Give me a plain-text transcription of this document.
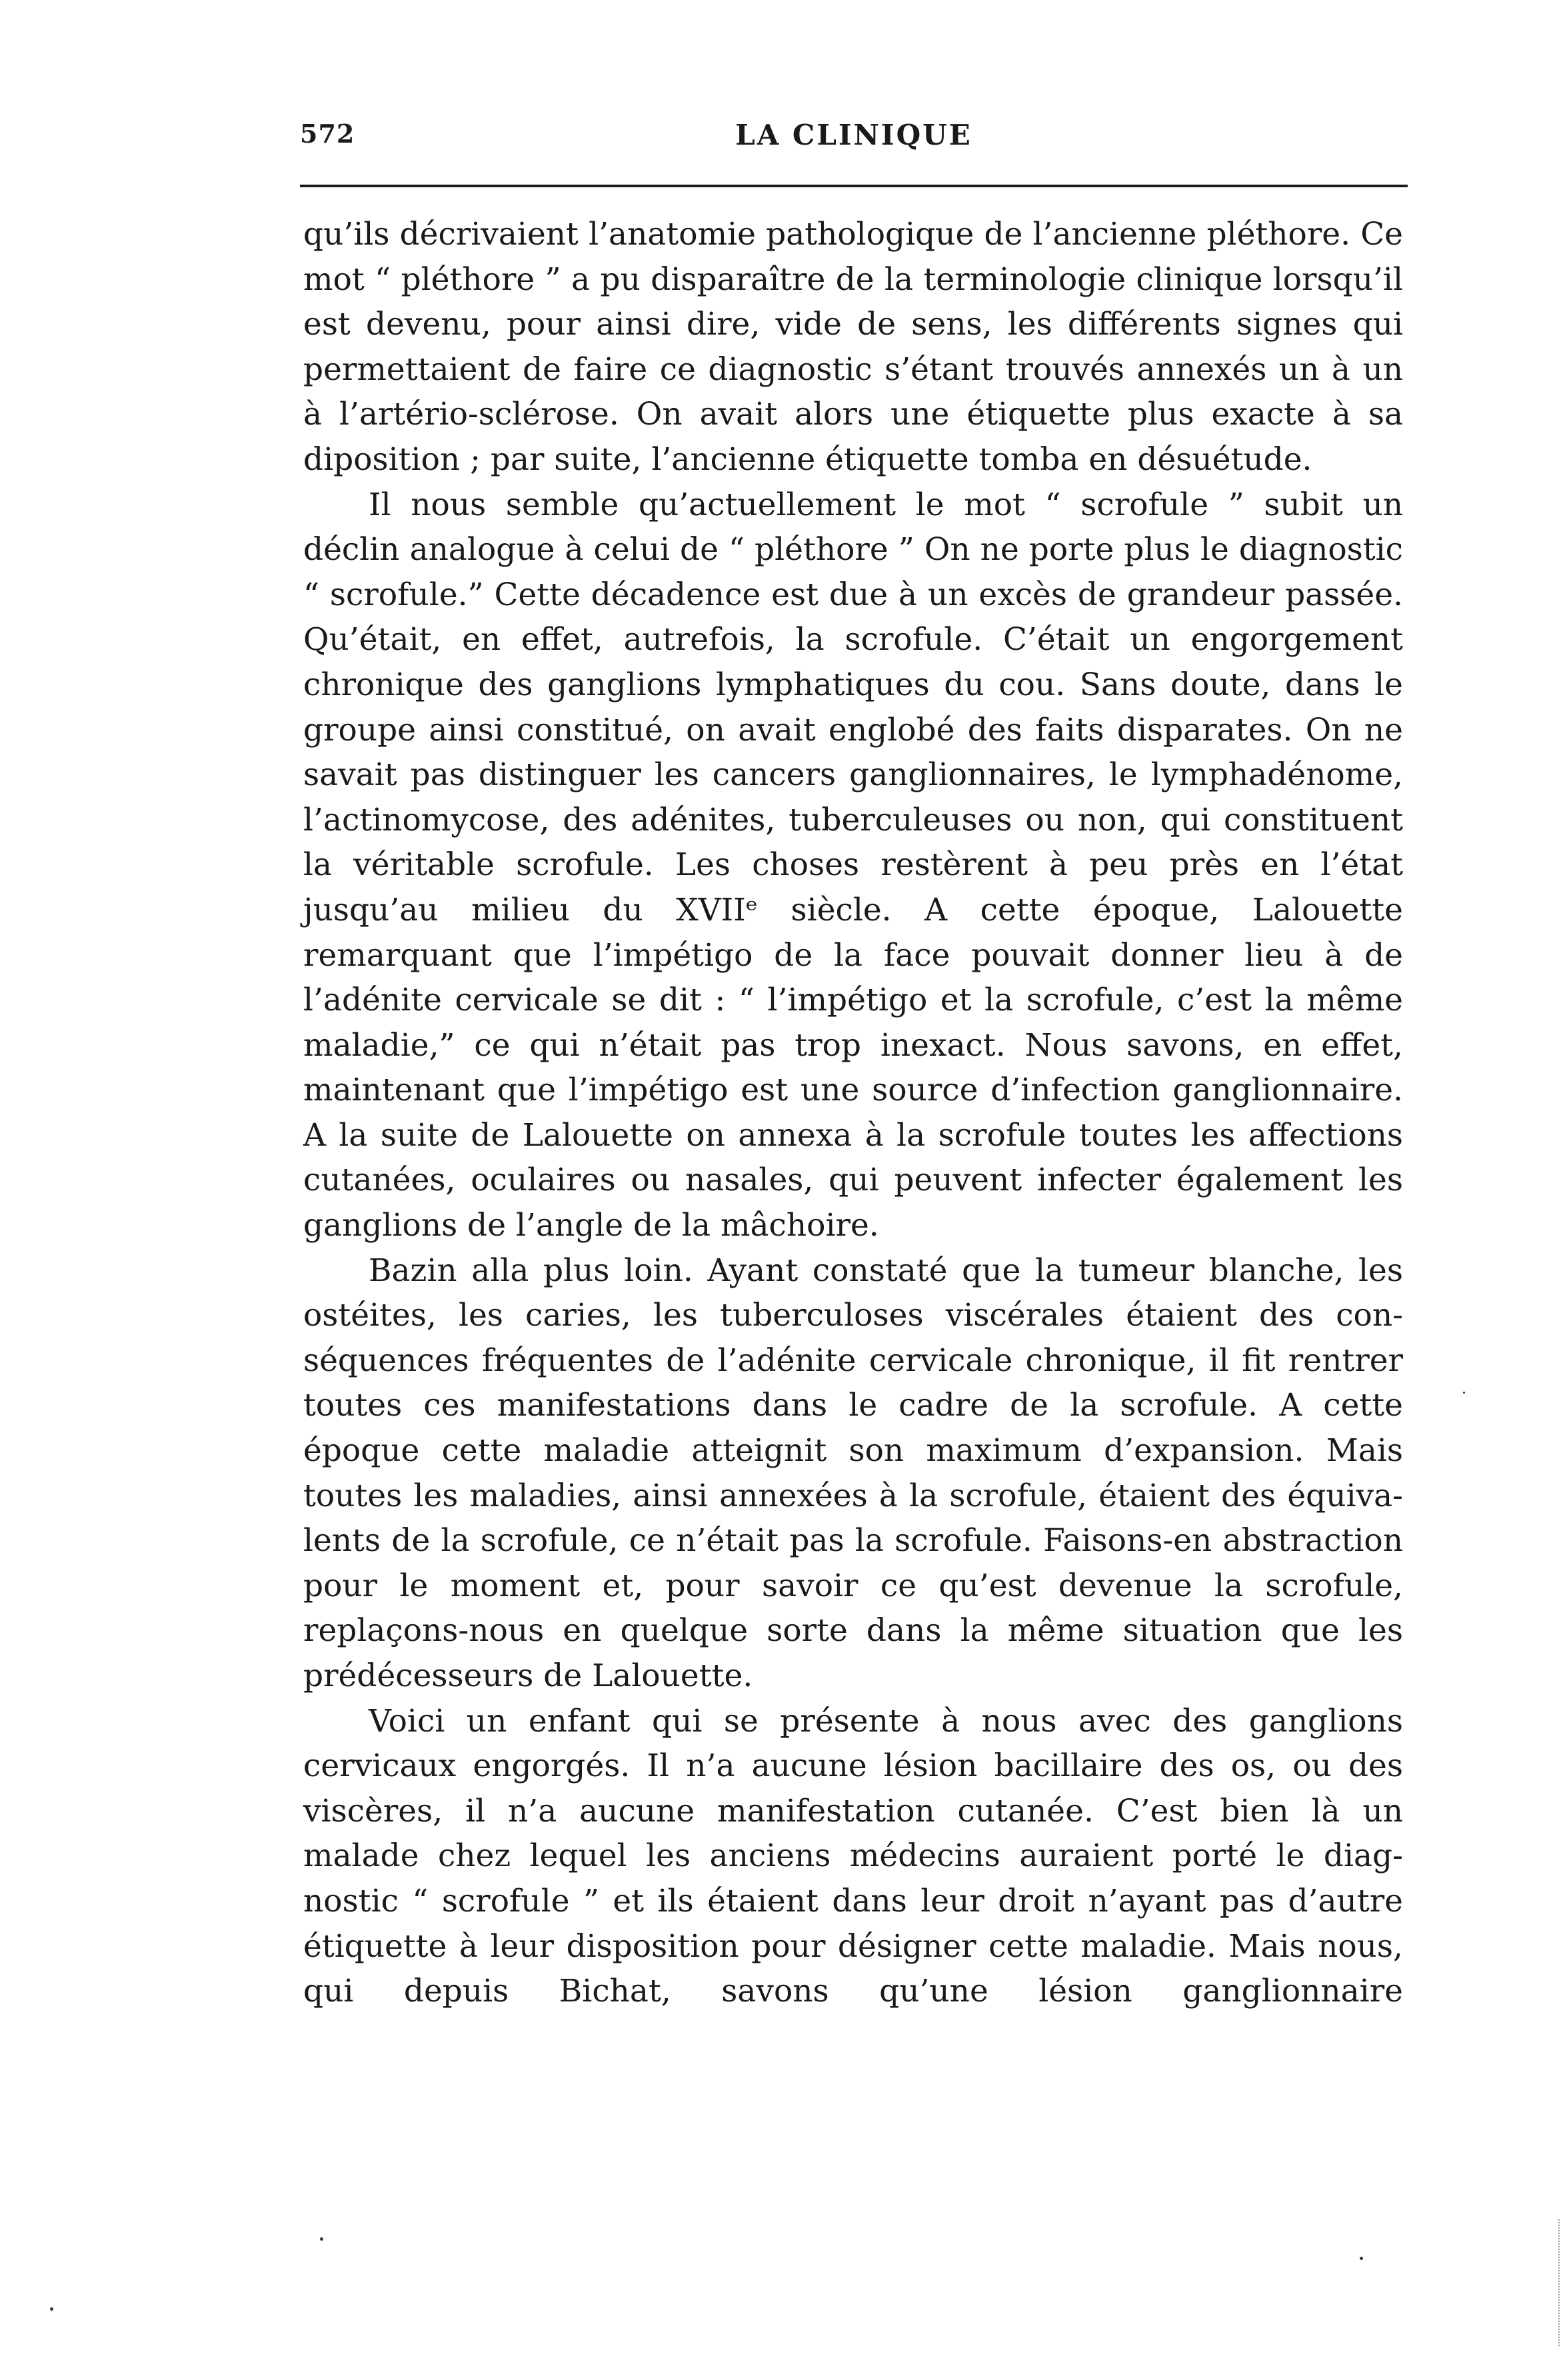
572	LA CLINIQUE

qu’ils décrivaient l’anatomie pathologique de l’ancienne pléthore. Ce mot “ pléthore ” a pu disparaître de la terminologie clinique lorsqu’il est devenu, pour ainsi dire, vide de sens, les différents signes qui permettaient de faire ce diagnostic s’étant trouvés annexés un à un à l’artério-sclérose. On avait alors une étiquette plus exacte à sa diposition ; par suite, l’ancienne étiquette tomba en désuétude.

Il nous semble qu’actuellement le mot “ scrofule ” subit un déclin analogue à celui de “ pléthore ” On ne porte plus le diagnostic “ scrofule.” Cette décadence est due à un excès de grandeur passée. Qu’était, en effet, autrefois, la scrofule. C’était un engorgement chronique des ganglions lymphatiques du cou. Sans doute, dans le groupe ainsi constitué, on avait englobé des faits disparates. On ne savait pas distinguer les cancers ganglionnaires, le lymphadénome, l’actinomycose, des adénites, tuberculeuses ou non, qui constituent la véritable scrofule. Les choses restèrent à peu près en l’état jusqu’au milieu du XVIIᵉ siècle. A cette époque, Lalouette remarquant que l’impétigo de la face pouvait donner lieu à de l’adénite cervicale se dit : “ l’impétigo et la scrofule, c’est la même maladie,” ce qui n’était pas trop inexact. Nous savons, en effet, maintenant que l’impétigo est une source d’infection ganglionnaire. A la suite de Lalouette on annexa à la scrofule toutes les affections cutanées, oculaires ou nasales, qui peuvent infecter également les ganglions de l’angle de la mâchoire.

Bazin alla plus loin. Ayant constaté que la tumeur blanche, les ostéites, les caries, les tuberculoses viscérales étaient des conséquences fréquentes de l’adénite cervicale chronique, il fit rentrer toutes ces manifestations dans le cadre de la scrofule. A cette époque cette maladie atteignit son maximum d’expansion. Mais toutes les maladies, ainsi annexées à la scrofule, étaient des équivalents de la scrofule, ce n’était pas la scrofule. Faisons-en abstraction pour le moment et, pour savoir ce qu’est devenue la scrofule, replaçons-nous en quelque sorte dans la même situation que les prédécesseurs de Lalouette.

Voici un enfant qui se présente à nous avec des ganglions cervicaux engorgés. Il n’a aucune lésion bacillaire des os, ou des viscères, il n’a aucune manifestation cutanée. C’est bien là un malade chez lequel les anciens médecins auraient porté le diagnostic “ scrofule ” et ils étaient dans leur droit n’ayant pas d’autre étiquette à leur disposition pour désigner cette maladie. Mais nous, qui depuis Bichat, savons qu’une lésion ganglionnaire
